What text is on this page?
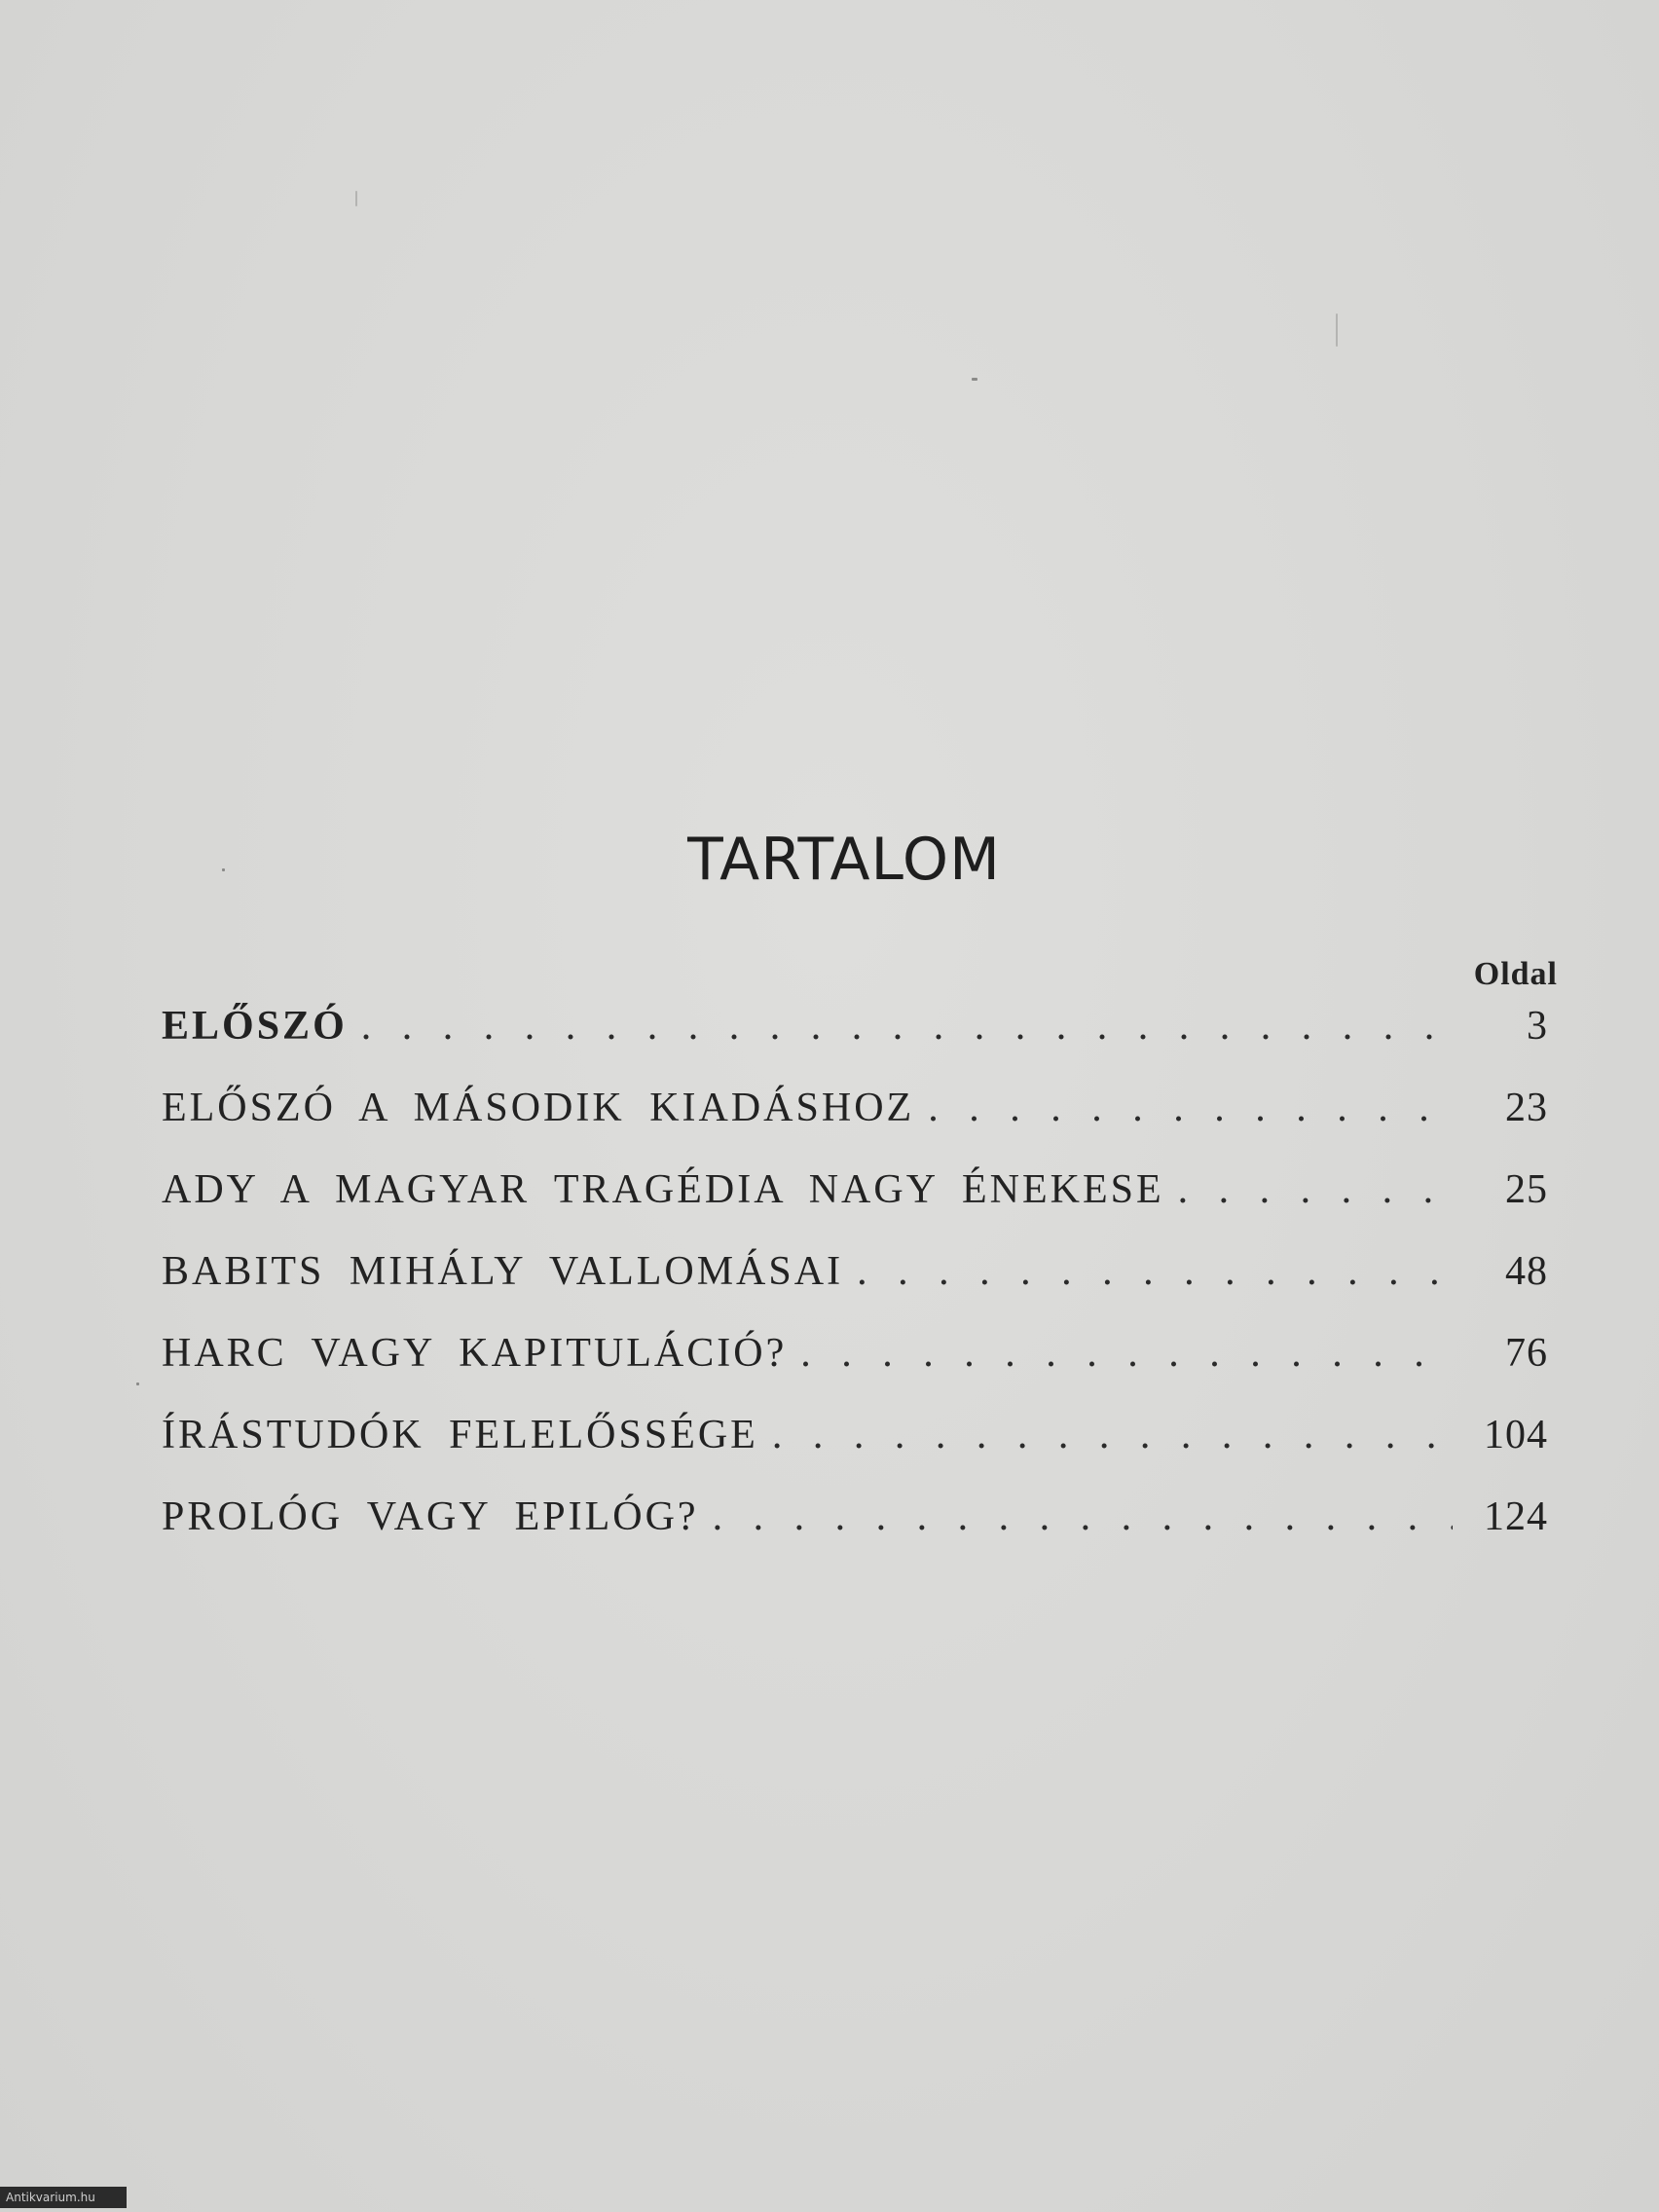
TARTALOM
Oldal
ELŐSZÓ . . .	3
ELŐSZÓ A MÁSODIK KIADÁSHOZ . . .	23
ADY A MAGYAR TRAGÉDIA NAGY ÉNEKESE . . .	25
BABITS MIHÁLY VALLOMÁSAI . . .	48
HARC VAGY KAPITULÁCIÓ? . . .	76
ÍRÁSTUDÓK FELELŐSSÉGE . . .	104
PROLÓG VAGY EPILÓG? . . .	124
Antikvarium.hu
